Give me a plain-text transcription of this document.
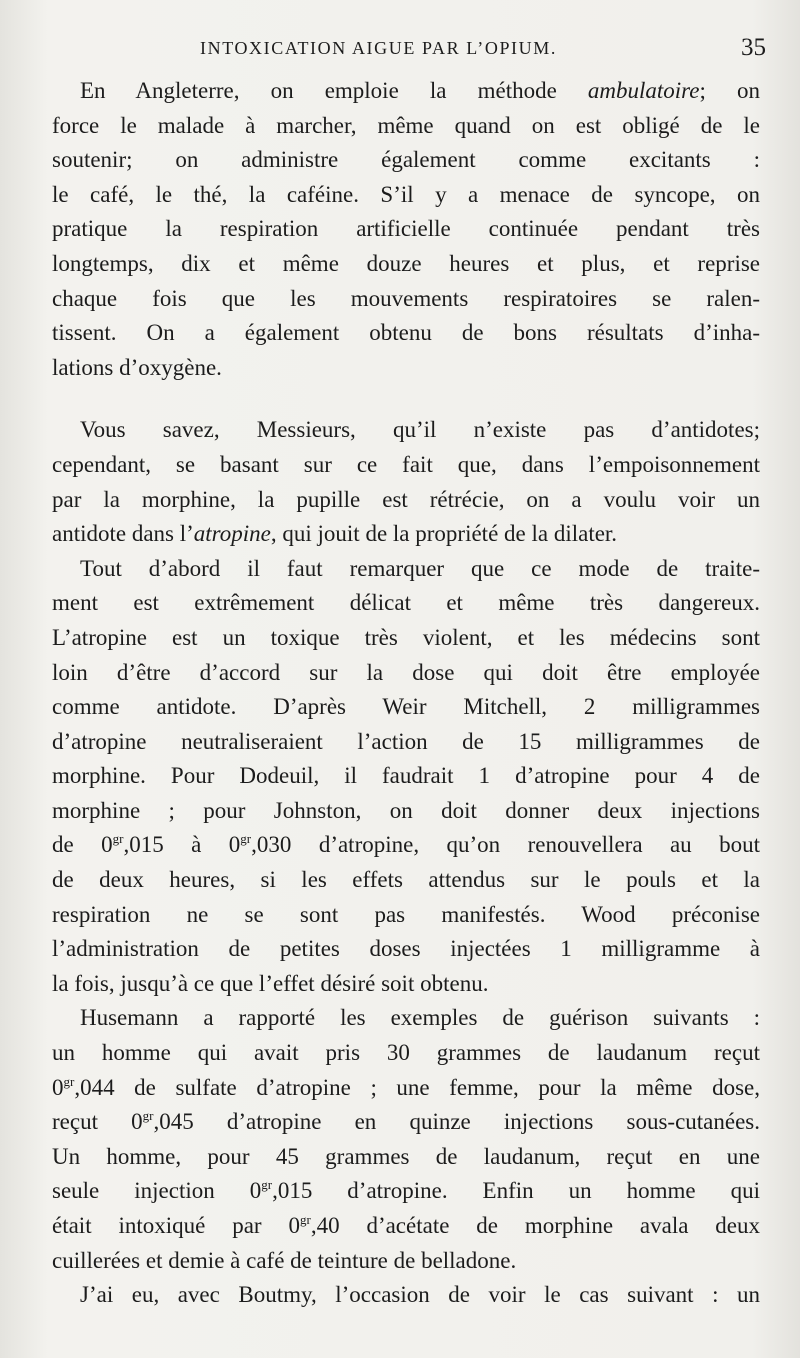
INTOXICATION AIGUE PAR L’OPIUM.	35
En Angleterre, on emploie la méthode ambulatoire; on
force le malade à marcher, même quand on est obligé de le
soutenir; on administre également comme excitants :
le café, le thé, la caféine. S’il y a menace de syncope, on
pratique la respiration artificielle continuée pendant très
longtemps, dix et même douze heures et plus, et reprise
chaque fois que les mouvements respiratoires se ralen-
tissent. On a également obtenu de bons résultats d’inha-
lations d’oxygène.
Vous savez, Messieurs, qu’il n’existe pas d’antidotes;
cependant, se basant sur ce fait que, dans l’empoisonnement
par la morphine, la pupille est rétrécie, on a voulu voir un
antidote dans l’atropine, qui jouit de la propriété de la dilater.
Tout d’abord il faut remarquer que ce mode de traite-
ment est extrêmement délicat et même très dangereux.
L’atropine est un toxique très violent, et les médecins sont
loin d’être d’accord sur la dose qui doit être employée
comme antidote. D’après Weir Mitchell, 2 milligrammes
d’atropine neutraliseraient l’action de 15 milligrammes de
morphine. Pour Dodeuil, il faudrait 1 d’atropine pour 4 de
morphine ; pour Johnston, on doit donner deux injections
de $0^{gr},015$ à $0^{gr},030$ d’atropine, qu’on renouvellera au bout
de deux heures, si les effets attendus sur le pouls et la
respiration ne se sont pas manifestés. Wood préconise
l’administration de petites doses injectées 1 milligramme à
la fois, jusqu’à ce que l’effet désiré soit obtenu.
Husemann a rapporté les exemples de guérison suivants :
un homme qui avait pris 30 grammes de laudanum reçut
$0^{gr},044$ de sulfate d’atropine ; une femme, pour la même dose,
reçut $0^{gr},045$ d’atropine en quinze injections sous-cutanées.
Un homme, pour 45 grammes de laudanum, reçut en une
seule injection $0^{gr},015$ d’atropine. Enfin un homme qui
était intoxiqué par $0^{gr},40$ d’acétate de morphine avala deux
cuillerées et demie à café de teinture de belladone.
J’ai eu, avec Boutmy, l’occasion de voir le cas suivant : un
